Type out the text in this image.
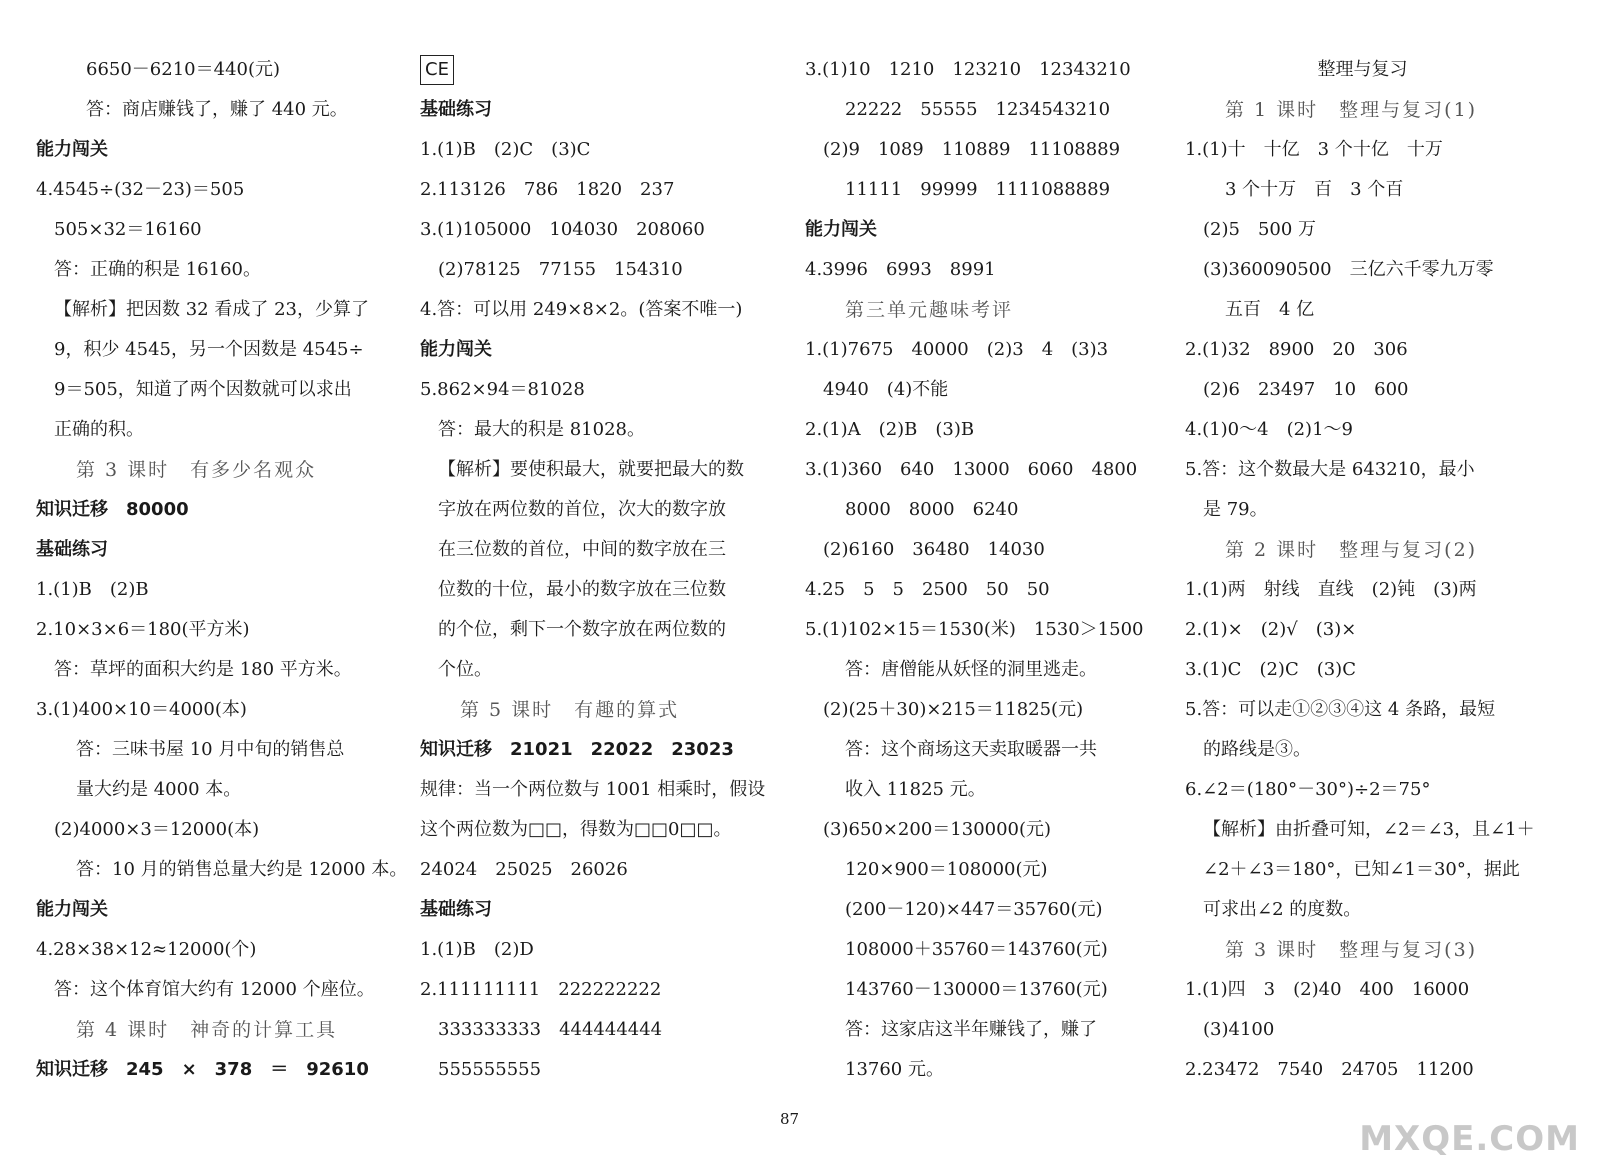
6650－6210＝440(元)
答：商店赚钱了，赚了 440 元。
能力闯关
4.4545÷(32－23)＝505
505×32＝16160
答：正确的积是 16160。
【解析】把因数 32 看成了 23，少算了
9，积少 4545，另一个因数是 4545÷
9＝505，知道了两个因数就可以求出
正确的积。
第 3 课时　有多少名观众
知识迁移　80000
基础练习
1.(1)B　(2)B
2.10×3×6＝180(平方米)
答：草坪的面积大约是 180 平方米。
3.(1)400×10＝4000(本)
答：三味书屋 10 月中旬的销售总
量大约是 4000 本。
(2)4000×3＝12000(本)
答：10 月的销售总量大约是 12000 本。
能力闯关
4.28×38×12≈12000(个)
答：这个体育馆大约有 12000 个座位。
第 4 课时　神奇的计算工具
知识迁移　245　×　378　＝　92610
CE
基础练习
1.(1)B　(2)C　(3)C
2.113126　786　1820　237
3.(1)105000　104030　208060
(2)78125　77155　154310
4.答：可以用 249×8×2。(答案不唯一)
能力闯关
5.862×94＝81028
答：最大的积是 81028。
【解析】要使积最大，就要把最大的数
字放在两位数的首位，次大的数字放
在三位数的首位，中间的数字放在三
位数的十位，最小的数字放在三位数
的个位，剩下一个数字放在两位数的
个位。
第 5 课时　有趣的算式
知识迁移　21021　22022　23023
规律：当一个两位数与 1001 相乘时，假设
这个两位数为□□，得数为□□0□□。
24024　25025　26026
基础练习
1.(1)B　(2)D
2.111111111　222222222
333333333　444444444
555555555
3.(1)10　1210　123210　12343210
22222　55555　1234543210
(2)9　1089　110889　11108889
11111　99999　1111088889
能力闯关
4.3996　6993　8991
第三单元趣味考评
1.(1)7675　40000　(2)3　4　(3)3
4940　(4)不能
2.(1)A　(2)B　(3)B
3.(1)360　640　13000　6060　4800
8000　8000　6240
(2)6160　36480　14030
4.25　5　5　2500　50　50
5.(1)102×15＝1530(米)　1530＞1500
答：唐僧能从妖怪的洞里逃走。
(2)(25＋30)×215＝11825(元)
答：这个商场这天卖取暖器一共
收入 11825 元。
(3)650×200＝130000(元)
120×900＝108000(元)
(200－120)×447＝35760(元)
108000＋35760＝143760(元)
143760－130000＝13760(元)
答：这家店这半年赚钱了，赚了
13760 元。
整理与复习
第 1 课时　整理与复习(1)
1.(1)十　十亿　3 个十亿　十万
3 个十万　百　3 个百
(2)5　500 万
(3)360090500　三亿六千零九万零
五百　4 亿
2.(1)32　8900　20　306
(2)6　23497　10　600
4.(1)0～4　(2)1～9
5.答：这个数最大是 643210，最小
是 79。
第 2 课时　整理与复习(2)
1.(1)两　射线　直线　(2)钝　(3)两
2.(1)×　(2)√　(3)×
3.(1)C　(2)C　(3)C
5.答：可以走①②③④这 4 条路，最短
的路线是③。
6.∠2＝(180°－30°)÷2＝75°
【解析】由折叠可知，∠2＝∠3，且∠1＋
∠2＋∠3＝180°，已知∠1＝30°，据此
可求出∠2 的度数。
第 3 课时　整理与复习(3)
1.(1)四　3　(2)40　400　16000
(3)4100
2.23472　7540　24705　11200
87	MXQE.COM
